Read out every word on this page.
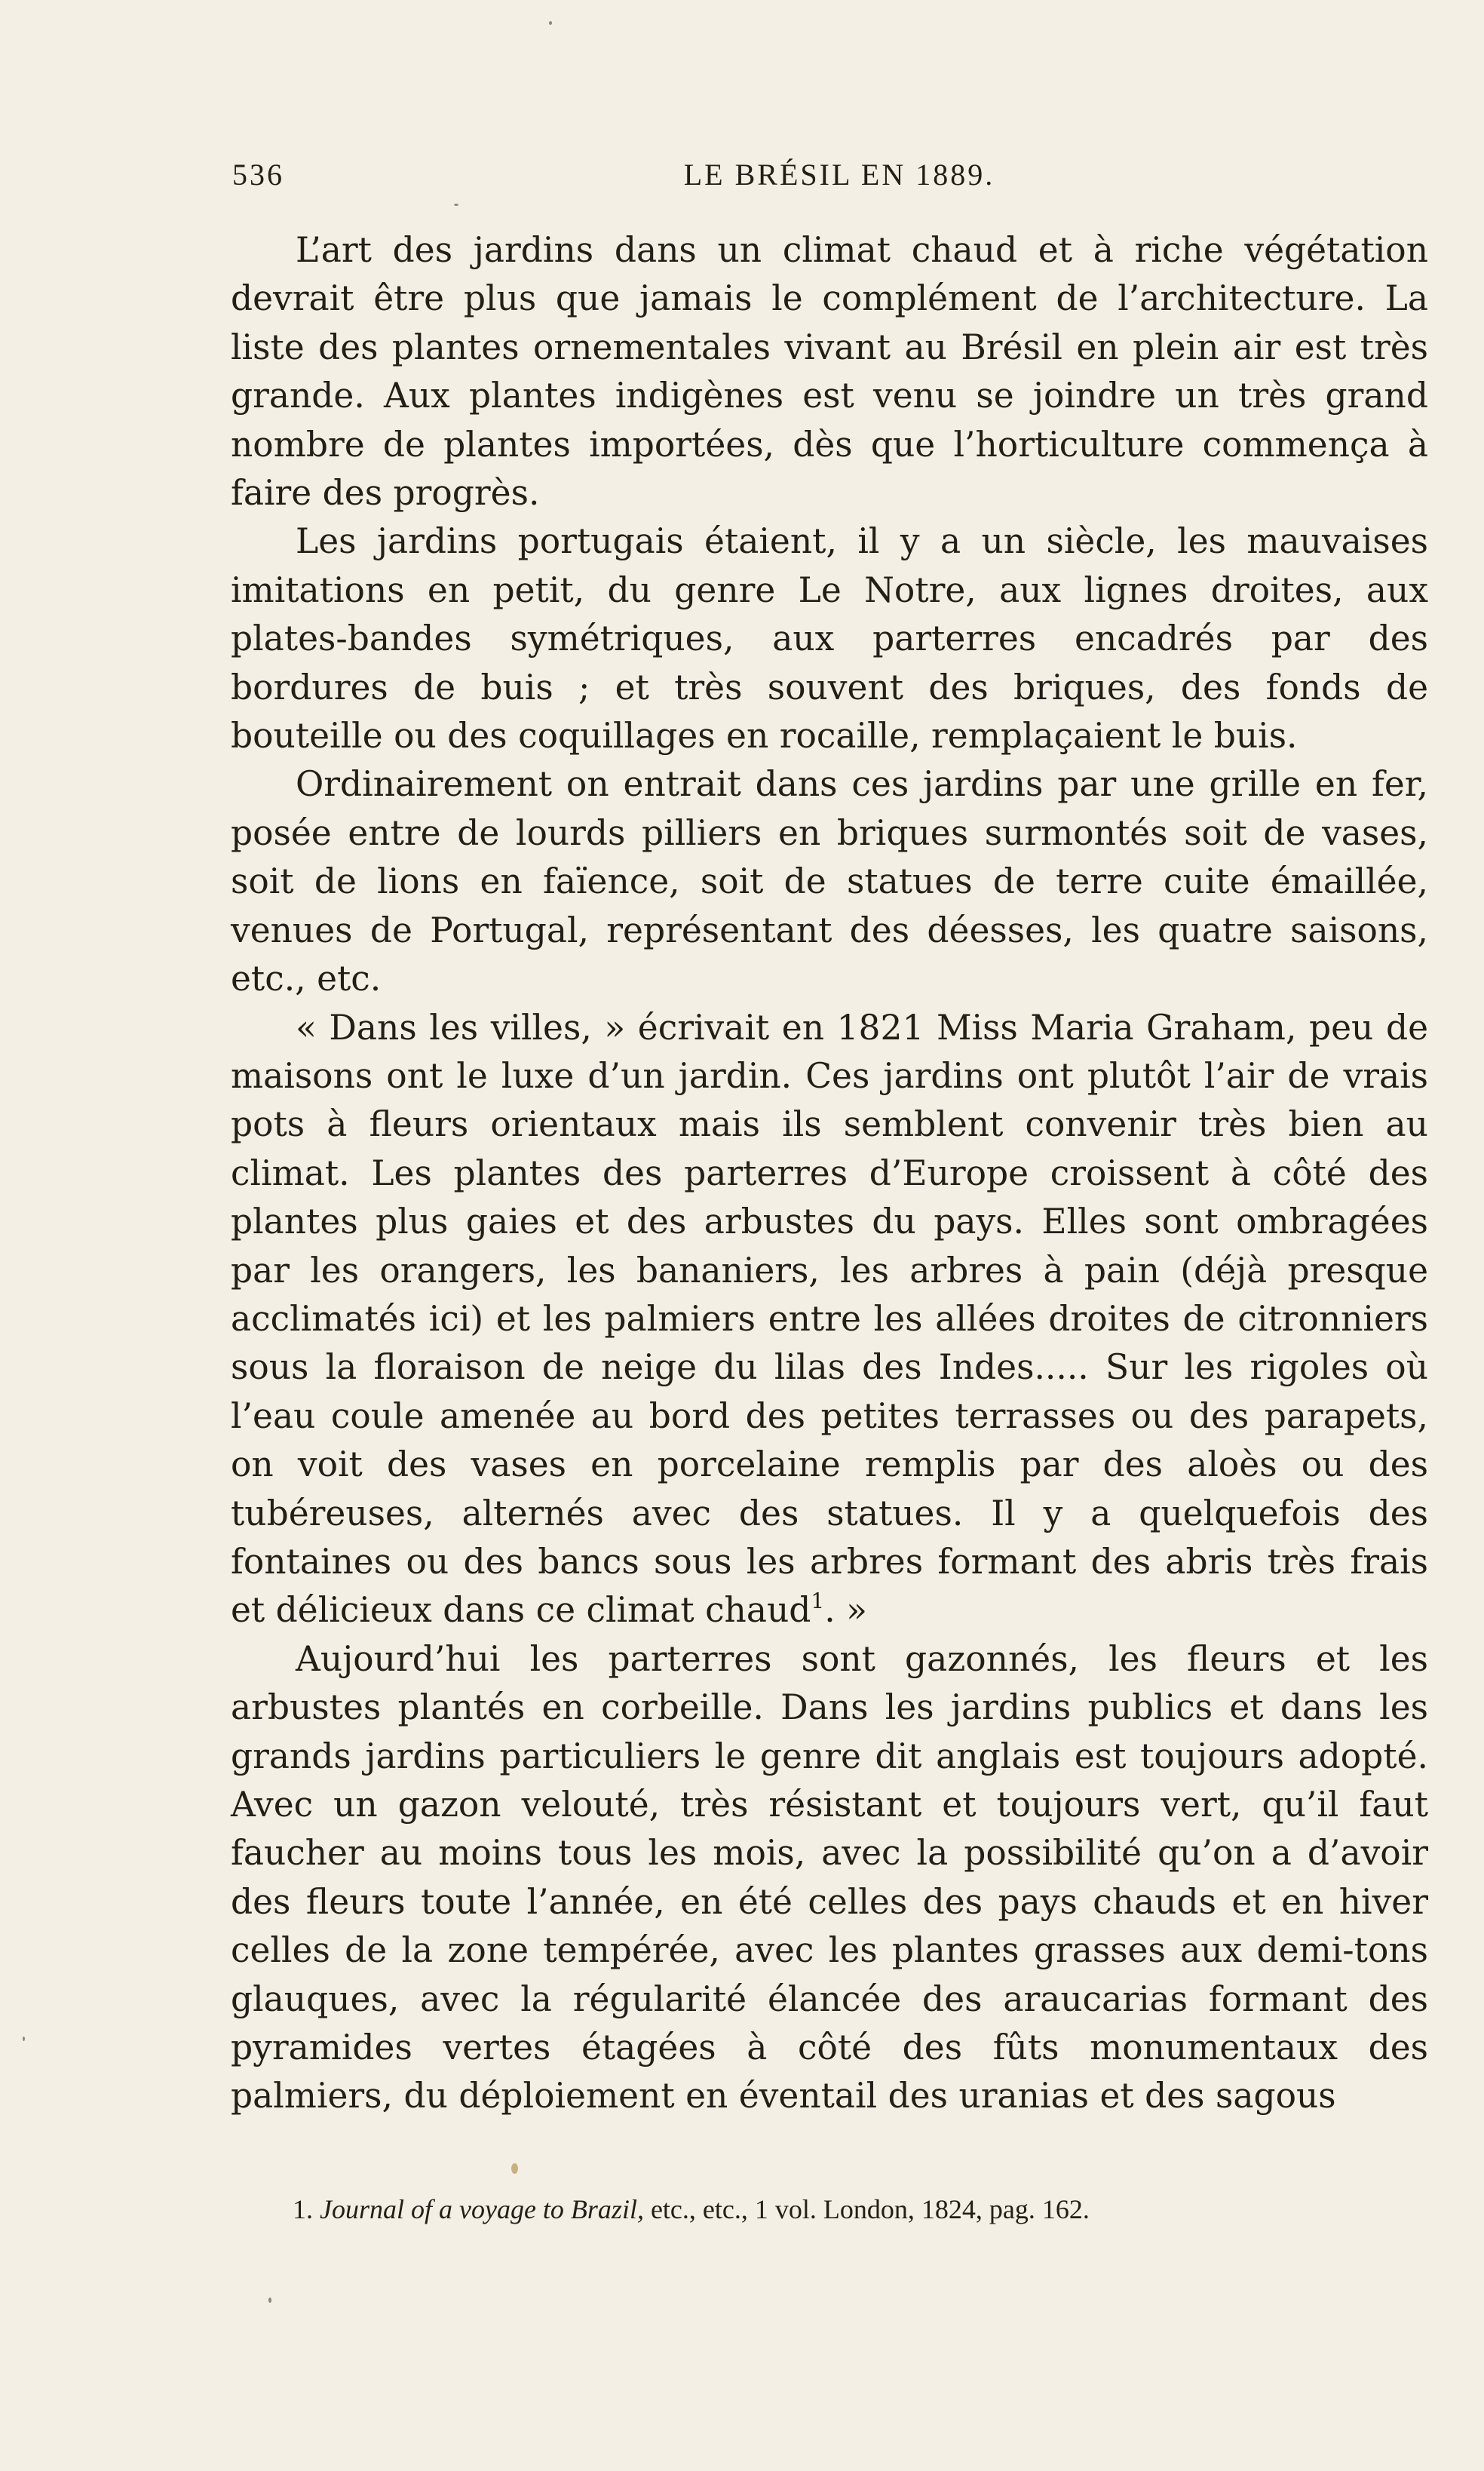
536	LE BRÉSIL EN 1889.

L’art des jardins dans un climat chaud et à riche végétation devrait être plus que jamais le complément de l’architecture. La liste des plantes ornementales vivant au Brésil en plein air est très grande. Aux plantes indigènes est venu se joindre un très grand nombre de plantes importées, dès que l’horticulture commença à faire des progrès.

Les jardins portugais étaient, il y a un siècle, les mauvaises imitations en petit, du genre Le Notre, aux lignes droites, aux plates-bandes symétriques, aux parterres encadrés par des bordures de buis ; et très souvent des briques, des fonds de bouteille ou des coquillages en rocaille, remplaçaient le buis.

Ordinairement on entrait dans ces jardins par une grille en fer, posée entre de lourds pilliers en briques surmontés soit de vases, soit de lions en faïence, soit de statues de terre cuite émaillée, venues de Portugal, représentant des déesses, les quatre saisons, etc., etc.

« Dans les villes, » écrivait en 1821 Miss Maria Graham, peu de maisons ont le luxe d’un jardin. Ces jardins ont plutôt l’air de vrais pots à fleurs orientaux mais ils semblent convenir très bien au climat. Les plantes des parterres d’Europe croissent à côté des plantes plus gaies et des arbustes du pays. Elles sont ombragées par les orangers, les bananiers, les arbres à pain (déjà presque acclimatés ici) et les palmiers entre les allées droites de citronniers sous la floraison de neige du lilas des Indes..... Sur les rigoles où l’eau coule amenée au bord des petites terrasses ou des parapets, on voit des vases en porcelaine remplis par des aloès ou des tubéreuses, alternés avec des statues. Il y a quelquefois des fontaines ou des bancs sous les arbres formant des abris très frais et délicieux dans ce climat chaud$^1$. »

Aujourd’hui les parterres sont gazonnés, les fleurs et les arbustes plantés en corbeille. Dans les jardins publics et dans les grands jardins particuliers le genre dit anglais est toujours adopté. Avec un gazon velouté, très résistant et toujours vert, qu’il faut faucher au moins tous les mois, avec la possibilité qu’on a d’avoir des fleurs toute l’année, en été celles des pays chauds et en hiver celles de la zone tempérée, avec les plantes grasses aux demi-tons glauques, avec la régularité élancée des araucarias formant des pyramides vertes étagées à côté des fûts monumentaux des palmiers, du déploiement en éventail des uranias et des sagous

1. Journal of a voyage to Brazil, etc., etc., 1 vol. London, 1824, pag. 162.
